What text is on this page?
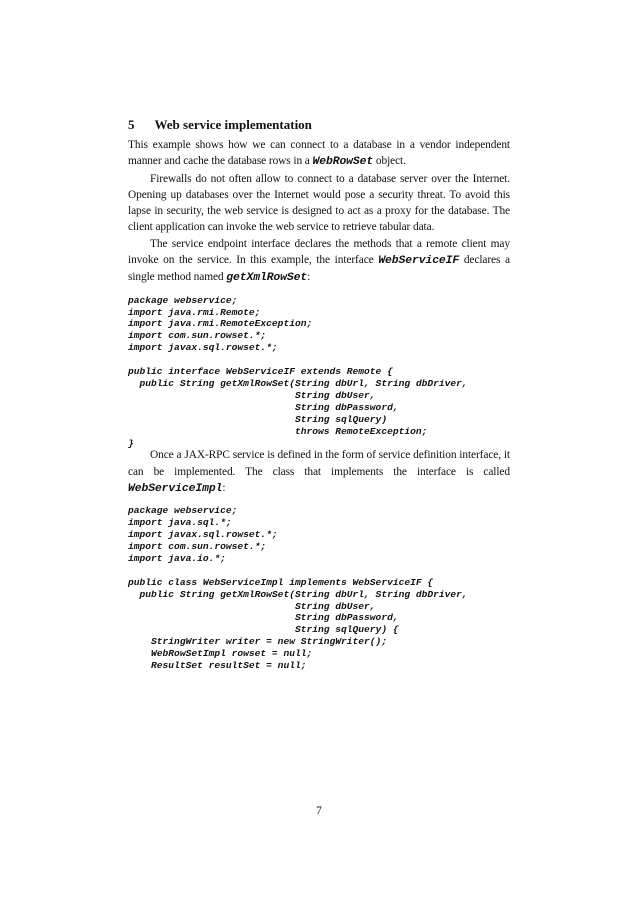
5 Web service implementation

This example shows how we can connect to a database in a vendor independent manner and cache the database rows in a WebRowSet object.

Firewalls do not often allow to connect to a database server over the Internet. Opening up databases over the Internet would pose a security threat. To avoid this lapse in security, the web service is designed to act as a proxy for the database. The client application can invoke the web service to retrieve tabular data.

The service endpoint interface declares the methods that a remote client may invoke on the service. In this example, the interface WebServiceIF declares a single method named getXmlRowSet:

package webservice;
import java.rmi.Remote;
import java.rmi.RemoteException;
import com.sun.rowset.*;
import javax.sql.rowset.*;
public interface WebServiceIF extends Remote {
public String getXmlRowSet(String dbUrl, String dbDriver,
String dbUser,
String dbPassword,
String sqlQuery)
throws RemoteException;
}

Once a JAX-RPC service is defined in the form of service definition interface, it can be implemented. The class that implements the interface is called WebServiceImpl:

package webservice;
import java.sql.*;
import javax.sql.rowset.*;
import com.sun.rowset.*;
import java.io.*;
public class WebServiceImpl implements WebServiceIF {
public String getXmlRowSet(String dbUrl, String dbDriver,
String dbUser,
String dbPassword,
String sqlQuery) {
StringWriter writer = new StringWriter();
WebRowSetImpl rowset = null;
ResultSet resultSet = null;
7
